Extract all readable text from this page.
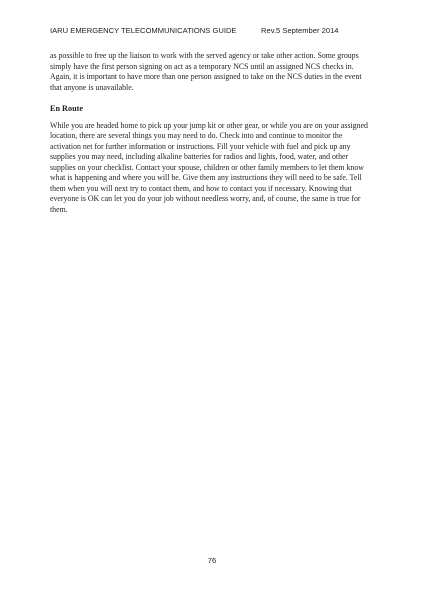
IARU EMERGENCY TELECOMMUNICATIONS GUIDE	Rev.5 September 2014

as possible to free up the liaison to work with the served agency or take other action. Some groups simply have the first person signing on act as a temporary NCS until an assigned NCS checks in. Again, it is important to have more than one person assigned to take on the NCS duties in the event that anyone is unavailable.

En Route

While you are headed home to pick up your jump kit or other gear, or while you are on your assigned location, there are several things you may need to do. Check into and continue to monitor the activation net for further information or instructions. Fill your vehicle with fuel and pick up any supplies you may need, including alkaline batteries for radios and lights, food, water, and other supplies on your checklist. Contact your spouse, children or other family members to let them know what is happening and where you will be. Give them any instructions they will need to be safe. Tell them when you will next try to contact them, and how to contact you if necessary. Knowing that everyone is OK can let you do your job without needless worry, and, of course, the same is true for them.

76
